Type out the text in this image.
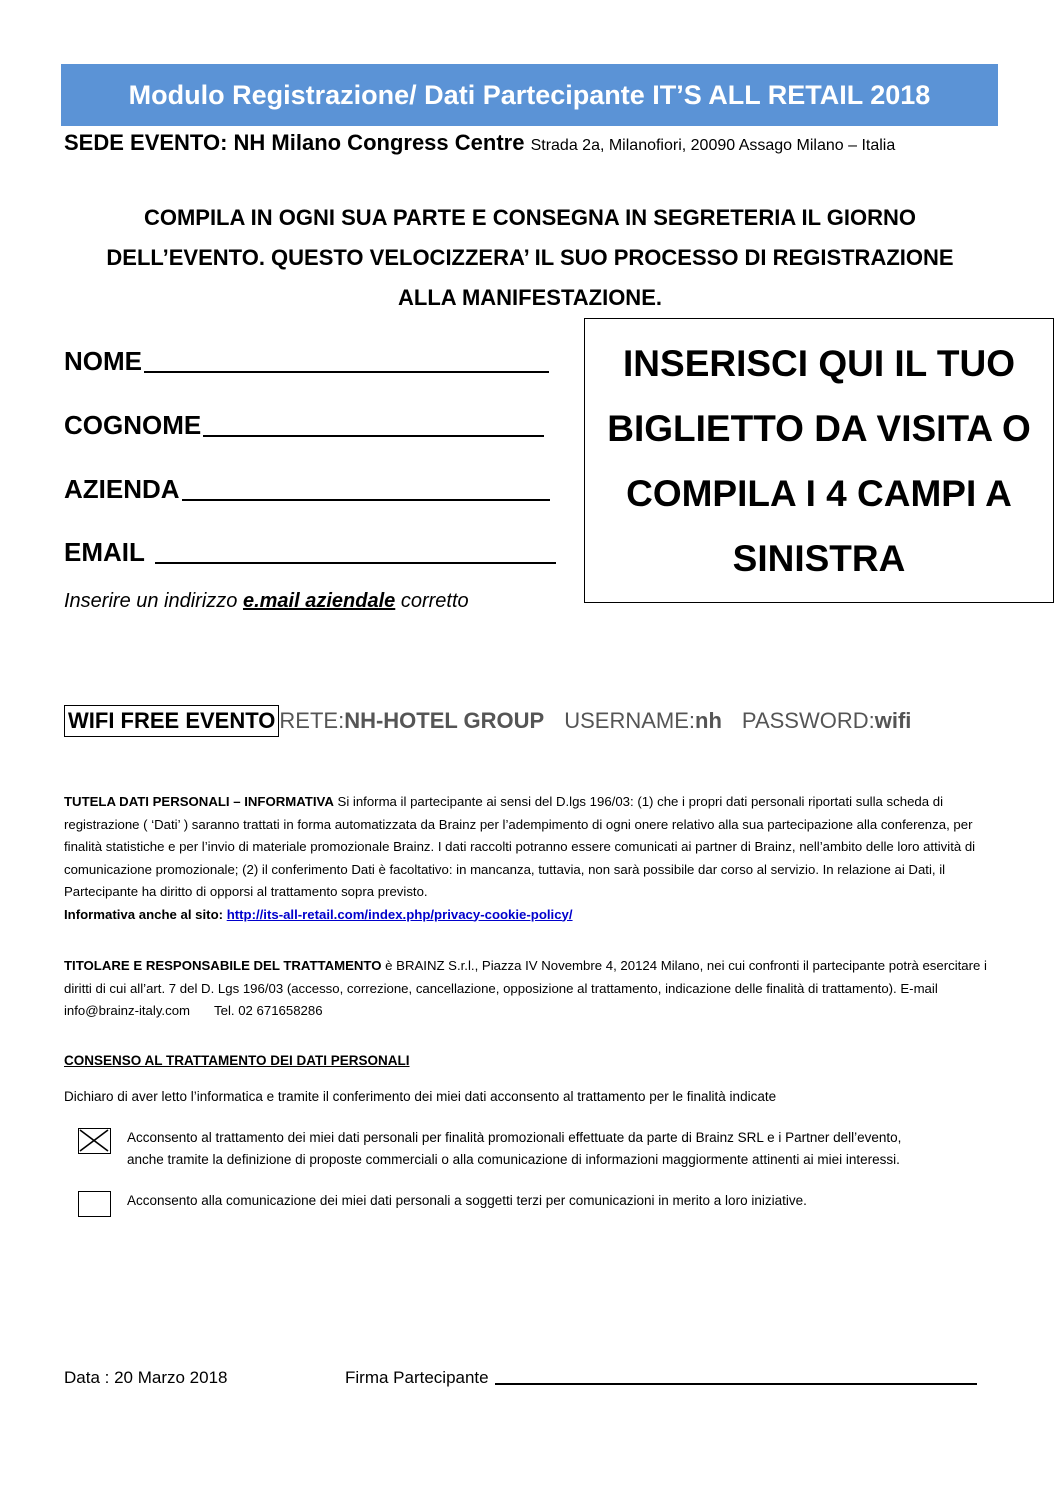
Modulo Registrazione/ Dati Partecipante IT’S ALL RETAIL 2018
SEDE EVENTO: NH Milano Congress Centre Strada 2a, Milanofiori, 20090 Assago Milano – Italia
COMPILA IN OGNI SUA PARTE E CONSEGNA IN SEGRETERIA IL GIORNO
DELL’EVENTO. QUESTO VELOCIZZERA’ IL SUO PROCESSO DI REGISTRAZIONE
ALLA MANIFESTAZIONE.
NOME
COGNOME
AZIENDA
EMAIL
Inserire un indirizzo e.mail aziendale corretto
INSERISCI QUI IL TUO
BIGLIETTO DA VISITA O
COMPILA I 4 CAMPI A
SINISTRA
WIFI FREE EVENTO RETE: NH-HOTEL GROUP USERNAME: nh PASSWORD: wifi
TUTELA DATI PERSONALI – INFORMATIVA Si informa il partecipante ai sensi del D.lgs 196/03: (1) che i propri dati personali riportati sulla scheda di registrazione ( ‘Dati’ ) saranno trattati in forma automatizzata da Brainz per l’adempimento di ogni onere relativo alla sua partecipazione alla conferenza, per finalità statistiche e per l’invio di materiale promozionale Brainz. I dati raccolti potranno essere comunicati ai partner di Brainz, nell’ambito delle loro attività di comunicazione promozionale; (2) il conferimento Dati è facoltativo: in mancanza, tuttavia, non sarà possibile dar corso al servizio. In relazione ai Dati, il Partecipante ha diritto di opporsi al trattamento sopra previsto.
Informativa anche al sito: http://its-all-retail.com/index.php/privacy-cookie-policy/
TITOLARE E RESPONSABILE DEL TRATTAMENTO è BRAINZ S.r.l., Piazza IV Novembre 4, 20124 Milano, nei cui confronti il partecipante potrà esercitare i diritti di cui all’art. 7 del D. Lgs 196/03 (accesso, correzione, cancellazione, opposizione al trattamento, indicazione delle finalità di trattamento). E-mail info@brainz-italy.com Tel. 02 671658286
CONSENSO AL TRATTAMENTO DEI DATI PERSONALI
Dichiaro di aver letto l’informatica e tramite il conferimento dei miei dati acconsento al trattamento per le finalità indicate
Acconsento al trattamento dei miei dati personali per finalità promozionali effettuate da parte di Brainz SRL e i Partner dell’evento,
anche tramite la definizione di proposte commerciali o alla comunicazione di informazioni maggiormente attinenti ai miei interessi.
Acconsento alla comunicazione dei miei dati personali a soggetti terzi per comunicazioni in merito a loro iniziative.
Data : 20 Marzo 2018	Firma Partecipante
